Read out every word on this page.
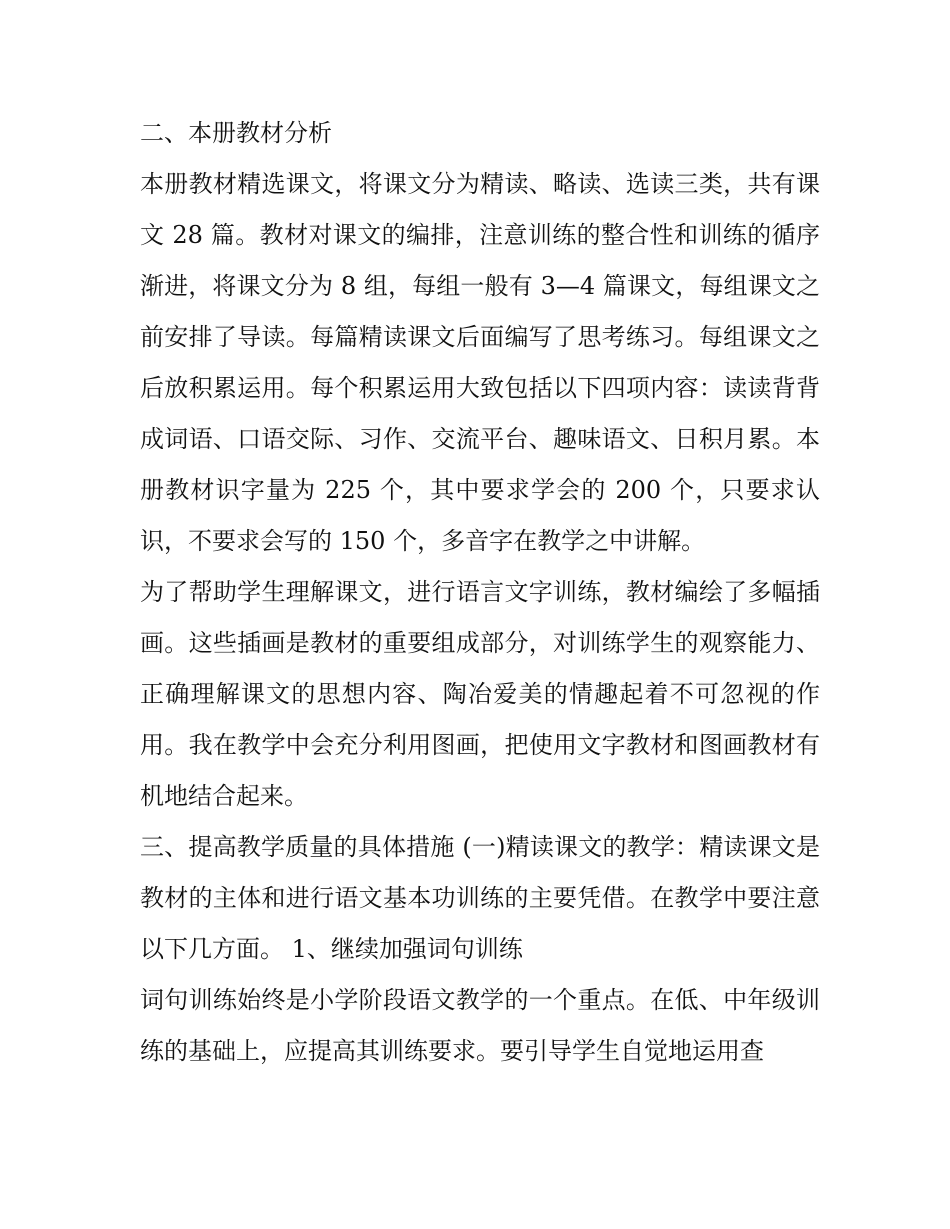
二、本册教材分析

本册教材精选课文，将课文分为精读、略读、选读三类，共有课文 28 篇。教材对课文的编排，注意训练的整合性和训练的循序渐进，将课文分为 8 组，每组一般有 3—4 篇课文，每组课文之前安排了导读。每篇精读课文后面编写了思考练习。每组课文之后放积累运用。每个积累运用大致包括以下四项内容：读读背背成词语、口语交际、习作、交流平台、趣味语文、日积月累。本册教材识字量为 225 个，其中要求学会的 200 个，只要求认识，不要求会写的 150 个，多音字在教学之中讲解。

为了帮助学生理解课文，进行语言文字训练，教材编绘了多幅插画。这些插画是教材的重要组成部分，对训练学生的观察能力、正确理解课文的思想内容、陶冶爱美的情趣起着不可忽视的作用。我在教学中会充分利用图画，把使用文字教材和图画教材有机地结合起来。

三、提高教学质量的具体措施 (一)精读课文的教学：精读课文是教材的主体和进行语文基本功训练的主要凭借。在教学中要注意以下几方面。 1、继续加强词句训练

词句训练始终是小学阶段语文教学的一个重点。在低、中年级训练的基础上，应提高其训练要求。要引导学生自觉地运用查
